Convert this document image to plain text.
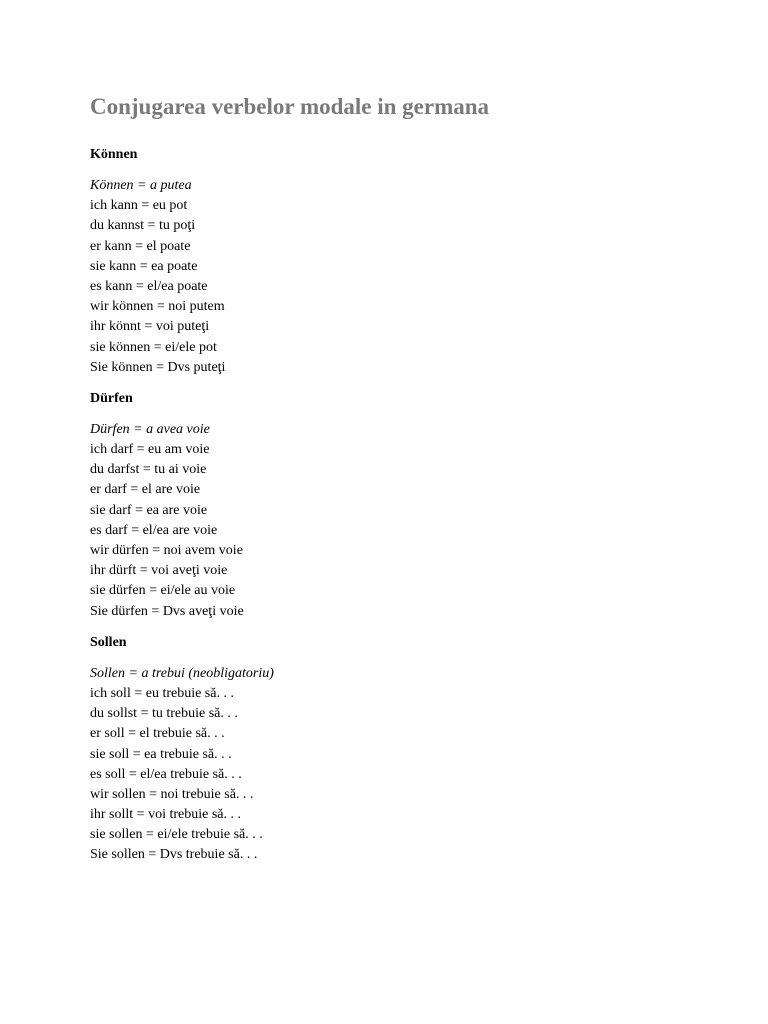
Conjugarea verbelor modale in germana
Können
Können = a putea
ich kann = eu pot
du kannst = tu poţi
er kann = el poate
sie kann = ea poate
es kann = el/ea poate
wir können = noi putem
ihr könnt = voi puteţi
sie können = ei/ele pot
Sie können = Dvs puteţi
Dürfen
Dürfen = a avea voie
ich darf = eu am voie
du darfst = tu ai voie
er darf = el are voie
sie darf = ea are voie
es darf = el/ea are voie
wir dürfen = noi avem voie
ihr dürft = voi aveţi voie
sie dürfen = ei/ele au voie
Sie dürfen = Dvs aveţi voie
Sollen
Sollen = a trebui (neobligatoriu)
ich soll = eu trebuie să. . .
du sollst = tu trebuie să. . .
er soll = el trebuie să. . .
sie soll = ea trebuie să. . .
es soll = el/ea trebuie să. . .
wir sollen = noi trebuie să. . .
ihr sollt = voi trebuie să. . .
sie sollen = ei/ele trebuie să. . .
Sie sollen = Dvs trebuie să. . .
